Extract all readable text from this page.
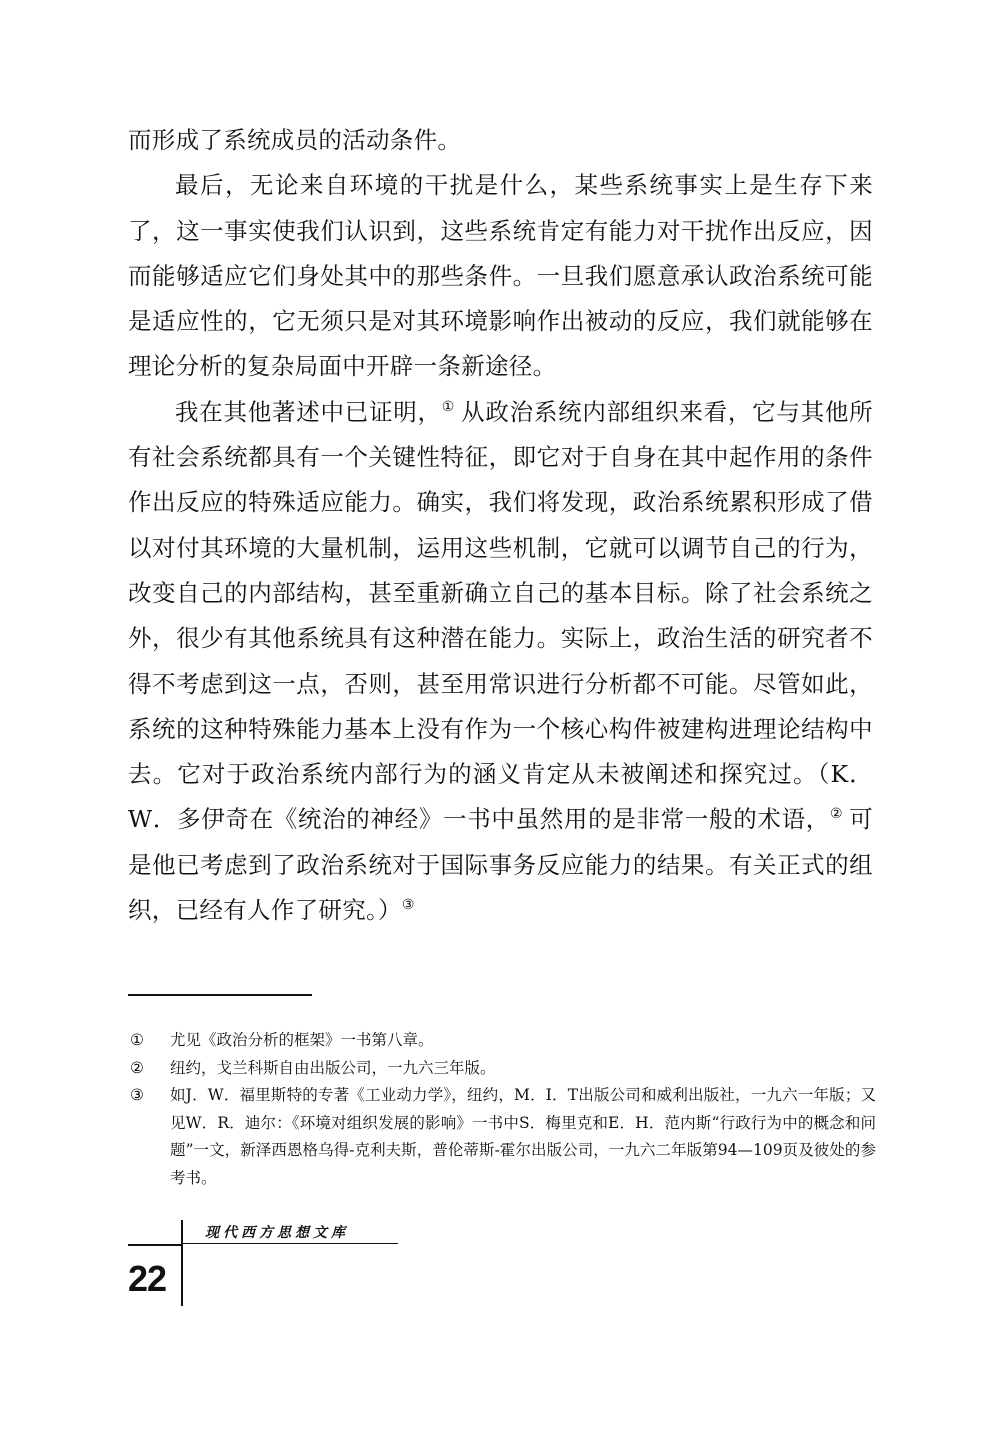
而形成了系统成员的活动条件。

最后，无论来自环境的干扰是什么，某些系统事实上是生存下来了，这一事实使我们认识到，这些系统肯定有能力对干扰作出反应，因而能够适应它们身处其中的那些条件。一旦我们愿意承认政治系统可能是适应性的，它无须只是对其环境影响作出被动的反应，我们就能够在理论分析的复杂局面中开辟一条新途径。

我在其他著述中已证明，① 从政治系统内部组织来看，它与其他所有社会系统都具有一个关键性特征，即它对于自身在其中起作用的条件作出反应的特殊适应能力。确实，我们将发现，政治系统累积形成了借以对付其环境的大量机制，运用这些机制，它就可以调节自己的行为，改变自己的内部结构，甚至重新确立自己的基本目标。除了社会系统之外，很少有其他系统具有这种潜在能力。实际上，政治生活的研究者不得不考虑到这一点，否则，甚至用常识进行分析都不可能。尽管如此，系统的这种特殊能力基本上没有作为一个核心构件被建构进理论结构中去。它对于政治系统内部行为的涵义肯定从未被阐述和探究过。（K．W．多伊奇在《统治的神经》一书中虽然用的是非常一般的术语，② 可是他已考虑到了政治系统对于国际事务反应能力的结果。有关正式的组织，已经有人作了研究。）③

① 尤见《政治分析的框架》一书第八章。
② 纽约，戈兰科斯自由出版公司，一九六三年版。
③ 如J．W．福里斯特的专著《工业动力学》，纽约，M．I．T出版公司和威利出版社，一九六一年版；又见W．R．迪尔：《环境对组织发展的影响》一书中S．梅里克和E．H．范内斯“行政行为中的概念和问题”一文，新泽西恩格乌得-克利夫斯，普伦蒂斯-霍尔出版公司，一九六二年版第94—109页及彼处的参考书。
现代西方思想文库
22
